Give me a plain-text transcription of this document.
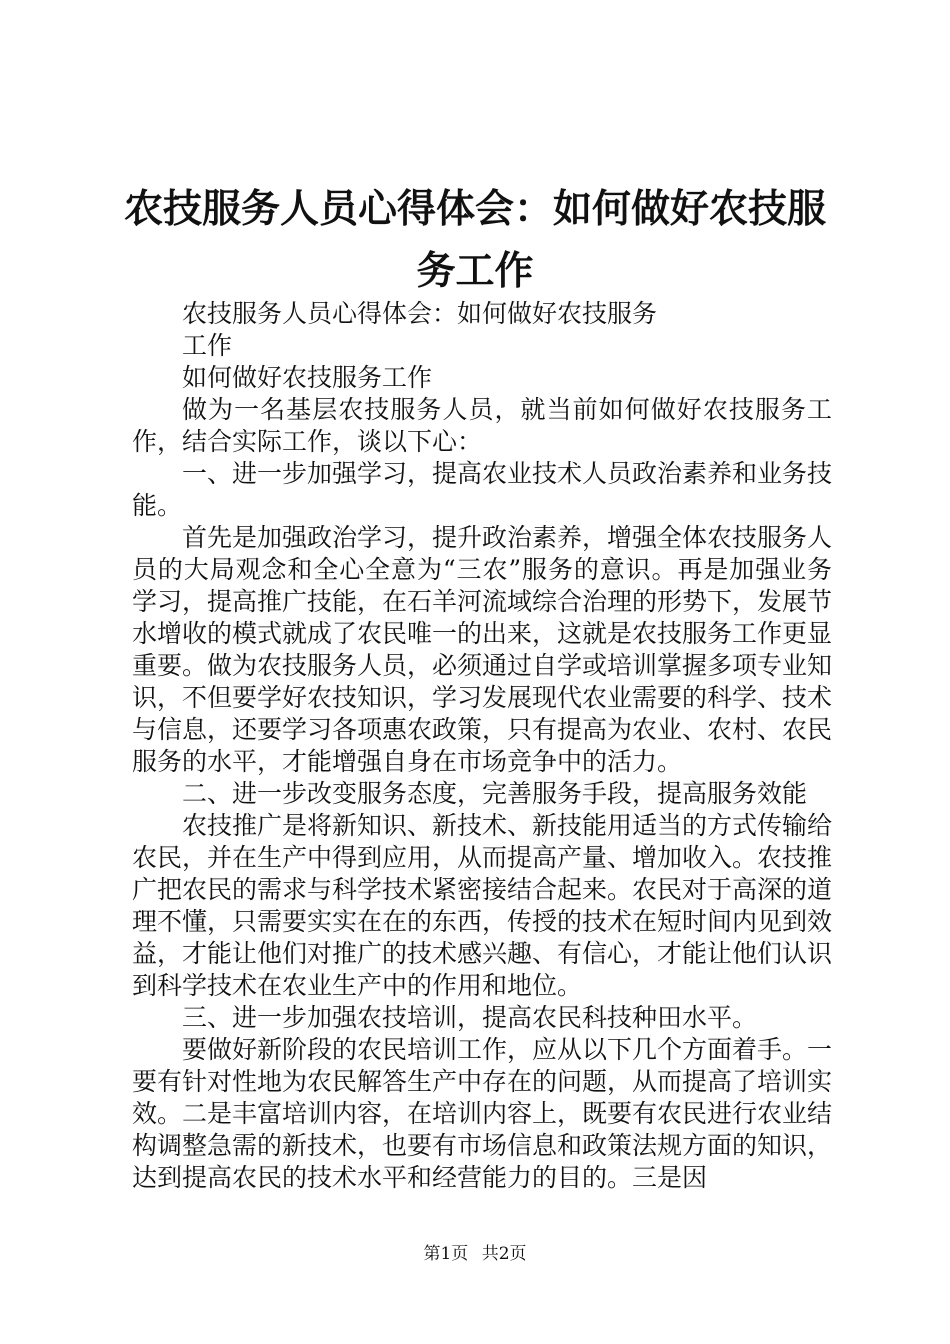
农技服务人员心得体会：如何做好农技服务工作

农技服务人员心得体会：如何做好农技服务

工作

如何做好农技服务工作

做为一名基层农技服务人员，就当前如何做好农技服务工作，结合实际工作，谈以下心：

一、进一步加强学习，提高农业技术人员政治素养和业务技能。

首先是加强政治学习，提升政治素养，增强全体农技服务人员的大局观念和全心全意为“三农”服务的意识。再是加强业务学习，提高推广技能，在石羊河流域综合治理的形势下，发展节水增收的模式就成了农民唯一的出来，这就是农技服务工作更显重要。做为农技服务人员，必须通过自学或培训掌握多项专业知识，不但要学好农技知识，学习发展现代农业需要的科学、技术与信息，还要学习各项惠农政策，只有提高为农业、农村、农民服务的水平，才能增强自身在市场竞争中的活力。

二、进一步改变服务态度，完善服务手段，提高服务效能

农技推广是将新知识、新技术、新技能用适当的方式传输给农民，并在生产中得到应用，从而提高产量、增加收入。农技推广把农民的需求与科学技术紧密接结合起来。农民对于高深的道理不懂，只需要实实在在的东西，传授的技术在短时间内见到效益，才能让他们对推广的技术感兴趣、有信心，才能让他们认识到科学技术在农业生产中的作用和地位。

三、进一步加强农技培训，提高农民科技种田水平。

要做好新阶段的农民培训工作，应从以下几个方面着手。一要有针对性地为农民解答生产中存在的问题，从而提高了培训实效。二是丰富培训内容，在培训内容上，既要有农民进行农业结构调整急需的新技术，也要有市场信息和政策法规方面的知识，达到提高农民的技术水平和经营能力的目的。三是因

第1页 共2页
